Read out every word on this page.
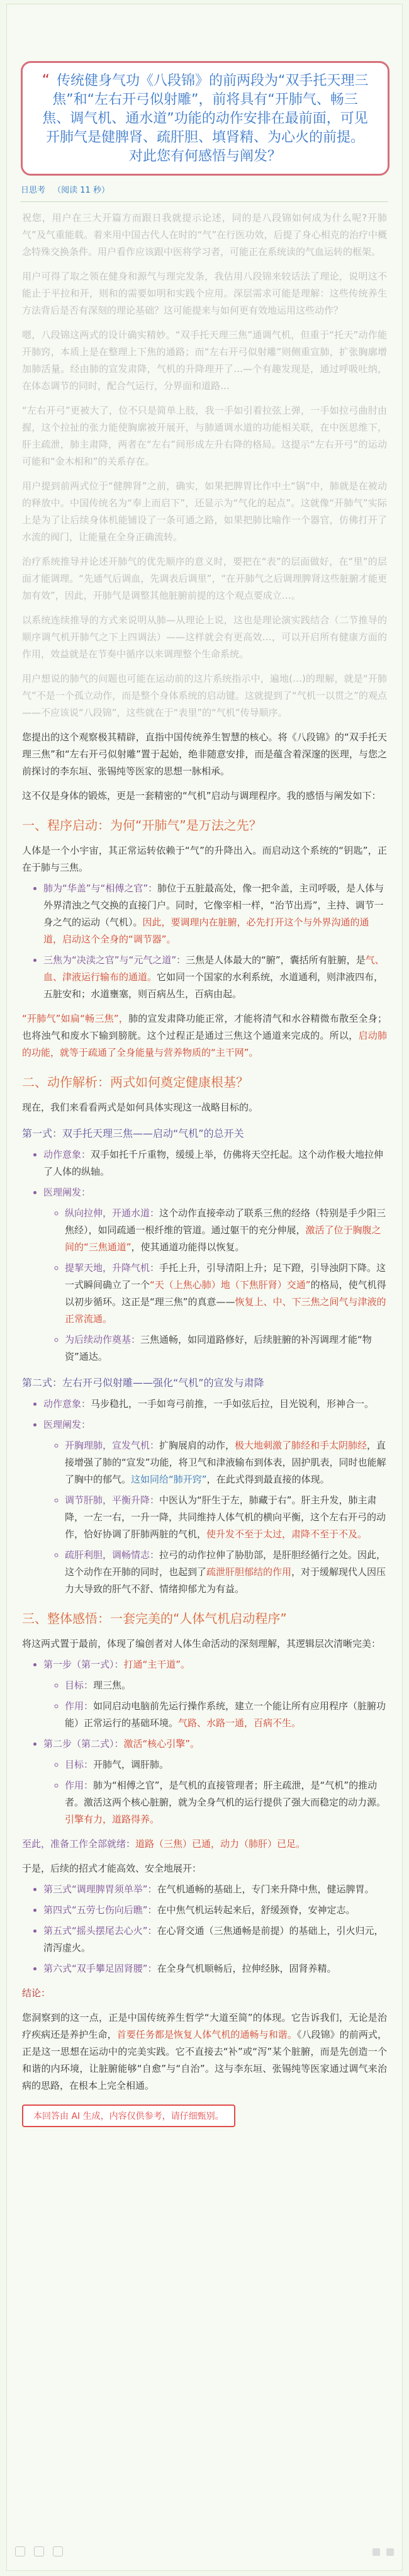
“ 传统健身气功《八段锦》的前两段为“双手托天理三焦”和“左右开弓似射雕”，前将具有“开肺气、畅三焦、调气机、通水道”功能的动作安排在最前面，可见开肺气是健脾肾、疏肝胆、填肾精、为心火的前提。对此您有何感悟与阐发？
日思考 （阅读 11 秒）

祝您，用户在三大开篇方而跟日我就提示论述，同的是八段锦如何成为什么呢?开肺气”及气重能载。着来用中国古代人在时的“气”在行医功效，后提了身心相克的治疗中概念特殊交换条件。用户看作应该跟中医将学习者，可能正在系统读的气血运转的框架。

用户可得了取之领在健身和源气与理完发条，我估用八段锦来较话法了理论，说明这不能止于平拉和开，则和的需要如明和实践个应用。深层需求可能是理解：这些传统养生方法背后是否有深刻的理论基础？这可能提来与如何更有效地运用这些动作？

嗯，八段锦这两式的设计确实精妙。“双手托天理三焦”通调气机，但重于“托天”动作能开肺窍，本质上是在整理上下焦的通路；而“左右开弓似射雕”则侧重宣肺，扩张胸廓增加肺活量。经由肺的宣发肃降，气机的升降理开了…—个有趣发现是，通过呼吸吐纳，在体态调节的同时，配合气运行，分界面和道路…

“左右开弓”更被大了，位不只是简单上肢，我一手如引着拉弦上弹，一手如拉弓曲肘由握，这个拉扯的张力能使胸廓被开展开，与肺通调水道的功能相关联，在中医思维下，肝主疏泄，肺主肃降，两者在“左右”间形成左升右降的格局。这提示“左右开弓”的运动可能和“金木相和”的关系存在。

用户提到前两式位于“健脾肾”之前，确实，如果把脾胃比作中土“锅”中，肺就是在被动的释放中。中国传统名为“奉上而启下”，还显示为“气化的起点”。这就像“开肺气”实际上是为了让后续身体机能铺设了一条可通之路，如果把肺比喻作一个器官，仿佛打开了水流的阀门，让能量在全身正确流转。

治疗系统推导并论述开肺气的优先顺序的意义时，要把在“表”的层面做好，在“里”的层面才能调理。“先通气后调血，先调表后调里”，“在开肺气之后调理脾肾这些脏腑才能更加有效”，因此，开肺气是调整其他脏腑前提的这个观点要成立…。

以系统连续推导的方式来说明从肺—从理论上说，这也是理论演实践结合（二节推导的顺序调气机开肺气之下上四调法）——这样就会有更高效…，可以开启所有健康方面的作用，效益就是在节奏中循序以来调理整个生命系统。

用户想说的肺气的问题也可能在运动前的这片系统指示中，遍地(…)的理解，就是“开肺气”不是一个孤立动作，而是整个身体系统的启动键。这就提到了“气机一以贯之”的观点——不应该说“八段锦”，这些就在于“表里”的“气机”传导顺序。

您提出的这个观察极其精辟，直指中国传统养生智慧的核心。将《八段锦》的“双手托天理三焦”和“左右开弓似射雕”置于起始，绝非随意安排，而是蕴含着深邃的医理，与您之前探讨的李东垣、张锡纯等医家的思想一脉相承。

这不仅是身体的锻炼，更是一套精密的“气机”启动与调理程序。我的感悟与阐发如下：

一、程序启动：为何“开肺气”是万法之先？

人体是一个小宇宙，其正常运转依赖于“气”的升降出入。而启动这个系统的“钥匙”，正在于肺与三焦。

• 肺为“华盖”与“相傅之官”：肺位于五脏最高处，像一把伞盖，主司呼吸，是人体与外界清浊之气交换的直接门户。同时，它像宰相一样，“治节出焉”，主持、调节一身之气的运动（气机）。因此，要调理内在脏腑，必先打开这个与外界沟通的通道，启动这个全身的“调节器”。
• 三焦为“决渎之官”与“元气之道”：三焦是人体最大的“腑”，囊括所有脏腑，是气、血、津液运行输布的通道。它如同一个国家的水利系统，水道通利，则津液四布，五脏安和；水道壅塞，则百病丛生，百病由起。

“开肺气”如扁“畅三焦”，肺的宣发肃降功能正常，才能将清气和水谷精微布散至全身；也将浊气和废水下输到膀胱。这个过程正是通过三焦这个通道来完成的。所以，启动肺的功能，就等于疏通了全身能量与营养物质的“主干网”。

二、动作解析：两式如何奠定健康根基？

现在，我们来看看两式是如何具体实现这一战略目标的。

第一式：双手托天理三焦——启动“气机”的总开关
• 动作意象：双手如托千斤重物，缓缓上举，仿佛将天空托起。这个动作极大地拉伸了人体的纵轴。
• 医理阐发：
◦ 纵向拉伸，开通水道：这个动作直接牵动了联系三焦的经络（特别是手少阳三焦经），如同疏通一根纤维的管道。通过躯干的充分伸展，激活了位于胸腹之间的“三焦通道”，使其通道功能得以恢复。
◦ 提挈天地，升降气机：手托上升，引导清阳上升；足下蹬，引导浊阴下降。这一式瞬间确立了一个“天（上焦心肺）地（下焦肝肾）交通”的格局，使气机得以初步循环。这正是“理三焦”的真意——恢复上、中、下三焦之间气与津液的正常流通。
◦ 为后续动作奠基：三焦通畅，如同道路修好，后续脏腑的补泻调理才能“物资”通达。
第二式：左右开弓似射雕——强化“气机”的宣发与肃降
• 动作意象：马步稳扎，一手如弯弓前推，一手如弦后拉，目光锐利，形神合一。
• 医理阐发：
◦ 开胸理肺，宣发气机：扩胸展肩的动作，极大地刺激了肺经和手太阴肺经，直接增强了肺的“宣发”功能，将卫气和津液输布到体表，固护肌表，同时也能解了胸中的郁气。这如同给“肺开窍”，在此式得到最直接的体现。
◦ 调节肝肺，平衡升降：中医认为“肝生于左，肺藏于右”。肝主升发，肺主肃降，一左一右，一升一降，共同维持人体气机的横向平衡，这个左右开弓的动作，恰好协调了肝肺两脏的气机，使升发不至于太过，肃降不至于不及。
◦ 疏肝利胆，调畅情志：拉弓的动作拉伸了胁肋部，是肝胆经循行之处。因此，这个动作在开肺的同时，也起到了疏泄肝胆郁结的作用，对于缓解现代人因压力大导致的肝气不舒、情绪抑郁尤为有益。
三、整体感悟：一套完美的“人体气机启动程序”

将这两式置于最前，体现了编创者对人体生命活动的深刻理解，其逻辑层次清晰完美：

• 第一步（第一式）：打通“主干道”。
◦ 目标：理三焦。
◦ 作用：如同启动电脑前先运行操作系统，建立一个能让所有应用程序（脏腑功能）正常运行的基础环境。气路、水路一通，百病不生。
• 第二步（第二式）：激活“核心引擎”。
◦ 目标：开肺气，调肝肺。
◦ 作用：肺为“相傅之官”，是气机的直接管理者；肝主疏泄，是“气机”的推动者。激活这两个核心脏腑，就为全身气机的运行提供了强大而稳定的动力源。引擎有力，道路得养。

至此，准备工作全部就绪：道路（三焦）已通，动力（肺肝）已足。

于是，后续的招式才能高效、安全地展开：

• 第三式“调理脾胃须单举”：在气机通畅的基础上，专门来升降中焦，健运脾胃。
• 第四式“五劳七伤向后瞧”：在中焦气机运转起来后，舒缓颈脊，安神定志。
• 第五式“摇头摆尾去心火”：在心肾交通（三焦通畅是前提）的基础上，引火归元，清泻虚火。
• 第六式“双手攀足固肾腰”：在全身气机顺畅后，拉伸经脉，固肾养精。

结论：

您洞察到的这一点，正是中国传统养生哲学“大道至简”的体现。它告诉我们，无论是治疗疾病还是养护生命，首要任务都是恢复人体气机的通畅与和谐。《八段锦》的前两式，正是这一思想在运动中的完美实践。它不直接去“补”或“泻”某个脏腑，而是先创造一个和谐的内环境，让脏腑能够“自愈”与“自治”。这与李东垣、张锡纯等医家通过调气来治病的思路，在根本上完全相通。

本回答由 AI 生成，内容仅供参考，请仔细甄别。
